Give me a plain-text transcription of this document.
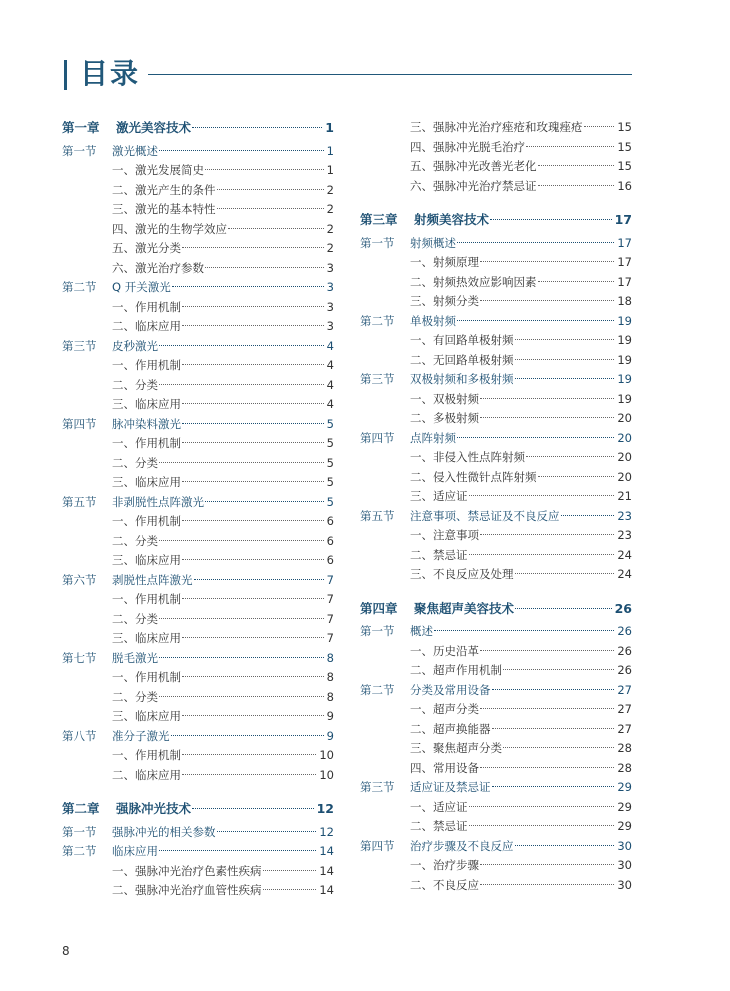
目录
第一章 激光美容技术	1
第一节 激光概述	1
一、激光发展简史	1
二、激光产生的条件	2
三、激光的基本特性	2
四、激光的生物学效应	2
五、激光分类	2
六、激光治疗参数	3
第二节 Q 开关激光	3
一、作用机制	3
二、临床应用	3
第三节 皮秒激光	4
一、作用机制	4
二、分类	4
三、临床应用	4
第四节 脉冲染料激光	5
一、作用机制	5
二、分类	5
三、临床应用	5
第五节 非剥脱性点阵激光	5
一、作用机制	6
二、分类	6
三、临床应用	6
第六节 剥脱性点阵激光	7
一、作用机制	7
二、分类	7
三、临床应用	7
第七节 脱毛激光	8
一、作用机制	8
二、分类	8
三、临床应用	9
第八节 准分子激光	9
一、作用机制	10
二、临床应用	10
第二章 强脉冲光技术	12
第一节 强脉冲光的相关参数	12
第二节 临床应用	14
一、强脉冲光治疗色素性疾病	14
二、强脉冲光治疗血管性疾病	14
三、强脉冲光治疗痤疮和玫瑰痤疮	15
四、强脉冲光脱毛治疗	15
五、强脉冲光改善光老化	15
六、强脉冲光治疗禁忌证	16
第三章 射频美容技术	17
第一节 射频概述	17
一、射频原理	17
二、射频热效应影响因素	17
三、射频分类	18
第二节 单极射频	19
一、有回路单极射频	19
二、无回路单极射频	19
第三节 双极射频和多极射频	19
一、双极射频	19
二、多极射频	20
第四节 点阵射频	20
一、非侵入性点阵射频	20
二、侵入性微针点阵射频	20
三、适应证	21
第五节 注意事项、禁忌证及不良反应	23
一、注意事项	23
二、禁忌证	24
三、不良反应及处理	24
第四章 聚焦超声美容技术	26
第一节 概述	26
一、历史沿革	26
二、超声作用机制	26
第二节 分类及常用设备	27
一、超声分类	27
二、超声换能器	27
三、聚焦超声分类	28
四、常用设备	28
第三节 适应证及禁忌证	29
一、适应证	29
二、禁忌证	29
第四节 治疗步骤及不良反应	30
一、治疗步骤	30
二、不良反应	30
8
